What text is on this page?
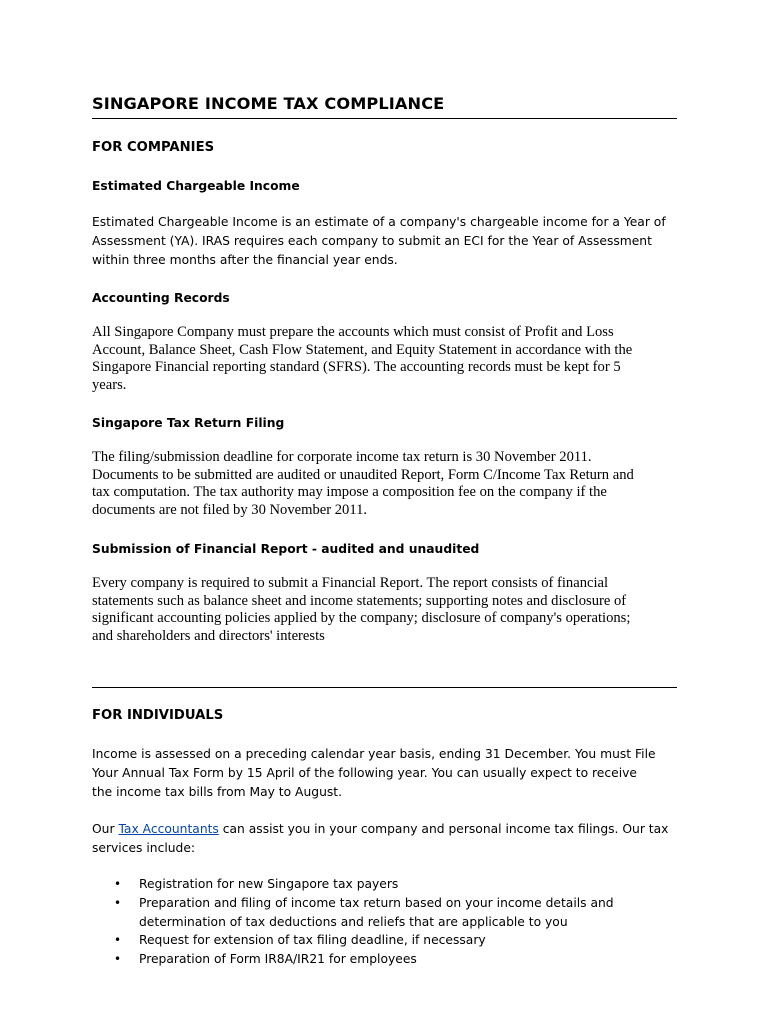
SINGAPORE INCOME TAX COMPLIANCE
FOR COMPANIES
Estimated Chargeable Income

Estimated Chargeable Income is an estimate of a company's chargeable income for a Year of
Assessment (YA). IRAS requires each company to submit an ECI for the Year of Assessment
within three months after the financial year ends.

Accounting Records

All Singapore Company must prepare the accounts which must consist of Profit and Loss
Account, Balance Sheet, Cash Flow Statement, and Equity Statement in accordance with the
Singapore Financial reporting standard (SFRS). The accounting records must be kept for 5
years.

Singapore Tax Return Filing

The filing/submission deadline for corporate income tax return is 30 November 2011.
Documents to be submitted are audited or unaudited Report, Form C/Income Tax Return and
tax computation. The tax authority may impose a composition fee on the company if the
documents are not filed by 30 November 2011.

Submission of Financial Report - audited and unaudited

Every company is required to submit a Financial Report. The report consists of financial
statements such as balance sheet and income statements; supporting notes and disclosure of
significant accounting policies applied by the company; disclosure of company's operations;
and shareholders and directors' interests

FOR INDIVIDUALS

Income is assessed on a preceding calendar year basis, ending 31 December. You must File
Your Annual Tax Form by 15 April of the following year. You can usually expect to receive
the income tax bills from May to August.

Our Tax Accountants can assist you in your company and personal income tax filings. Our tax
services include:

• Registration for new Singapore tax payers
• Preparation and filing of income tax return based on your income details and
determination of tax deductions and reliefs that are applicable to you
• Request for extension of tax filing deadline, if necessary
• Preparation of Form IR8A/IR21 for employees
